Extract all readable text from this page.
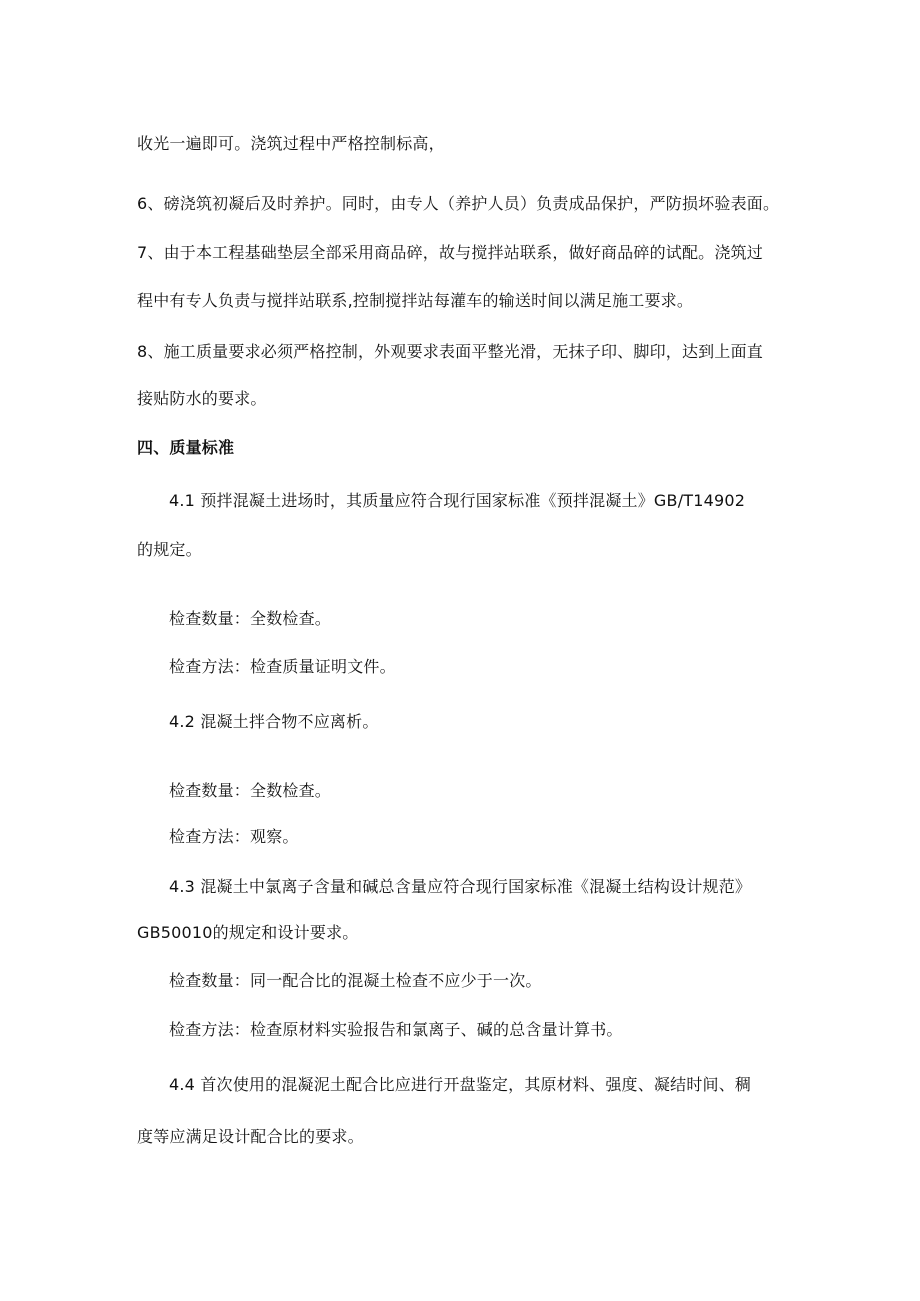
收光一遍即可。浇筑过程中严格控制标高，

6、磅浇筑初凝后及时养护。同时，由专人（养护人员）负责成品保护，严防损坏验表面。

7、由于本工程基础垫层全部采用商品碎，故与搅拌站联系，做好商品碎的试配。浇筑过

程中有专人负责与搅拌站联系,控制搅拌站每灌车的输送时间以满足施工要求。

8、施工质量要求必须严格控制，外观要求表面平整光滑，无抹子印、脚印，达到上面直

接贴防水的要求。

四、质量标准

4.1 预拌混凝土进场时，其质量应符合现行国家标准《预拌混凝土》GB/T14902

的规定。

检查数量：全数检查。

检查方法：检查质量证明文件。

4.2 混凝土拌合物不应离析。

检查数量：全数检查。

检查方法：观察。

4.3 混凝土中氯离子含量和碱总含量应符合现行国家标准《混凝土结构设计规范》

GB50010的规定和设计要求。

检查数量：同一配合比的混凝土检查不应少于一次。

检查方法：检查原材料实验报告和氯离子、碱的总含量计算书。

4.4 首次使用的混凝泥土配合比应进行开盘鉴定，其原材料、强度、凝结时间、稠

度等应满足设计配合比的要求。
